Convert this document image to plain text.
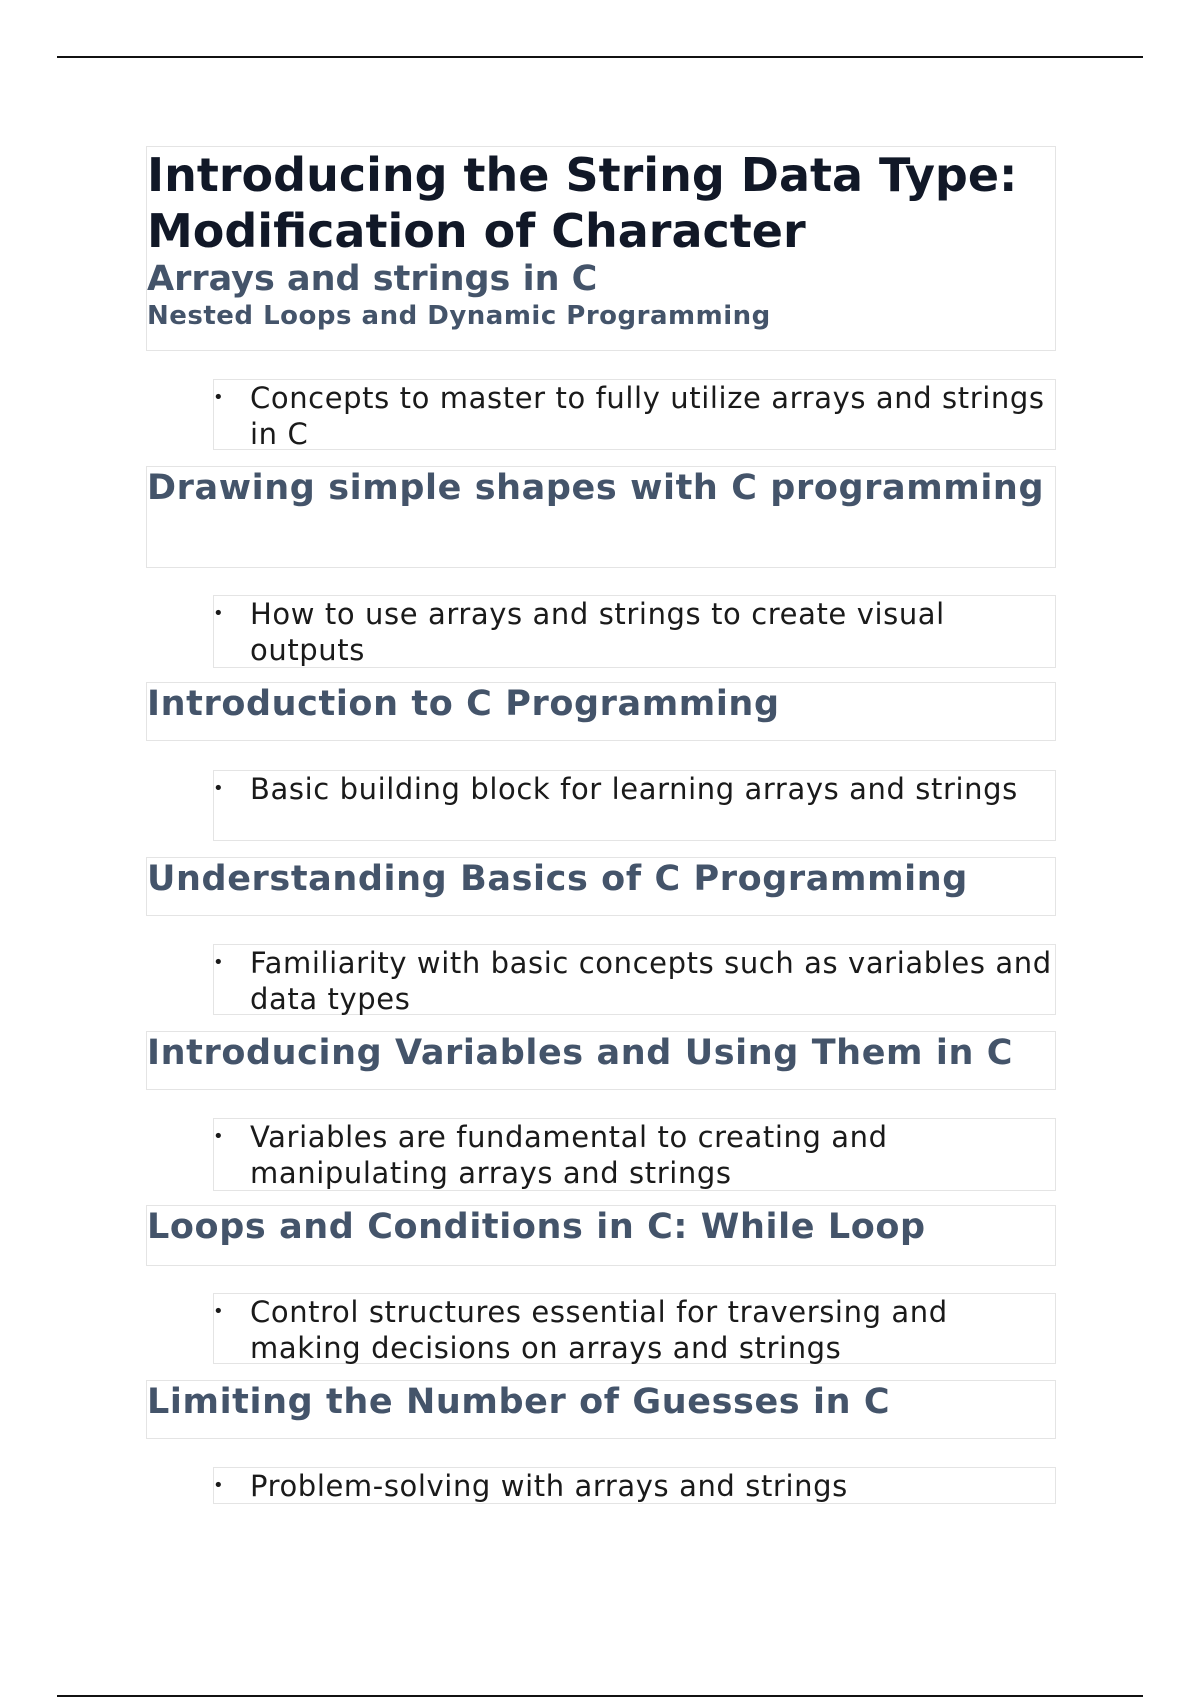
Introducing the String Data Type: Modification of Character
Arrays and strings in C
Nested Loops and Dynamic Programming
• Concepts to master to fully utilize arrays and strings in C
Drawing simple shapes with C programming
• How to use arrays and strings to create visual outputs
Introduction to C Programming
• Basic building block for learning arrays and strings
Understanding Basics of C Programming
• Familiarity with basic concepts such as variables and data types
Introducing Variables and Using Them in C
• Variables are fundamental to creating and manipulating arrays and strings
Loops and Conditions in C: While Loop
• Control structures essential for traversing and making decisions on arrays and strings
Limiting the Number of Guesses in C
• Problem-solving with arrays and strings
